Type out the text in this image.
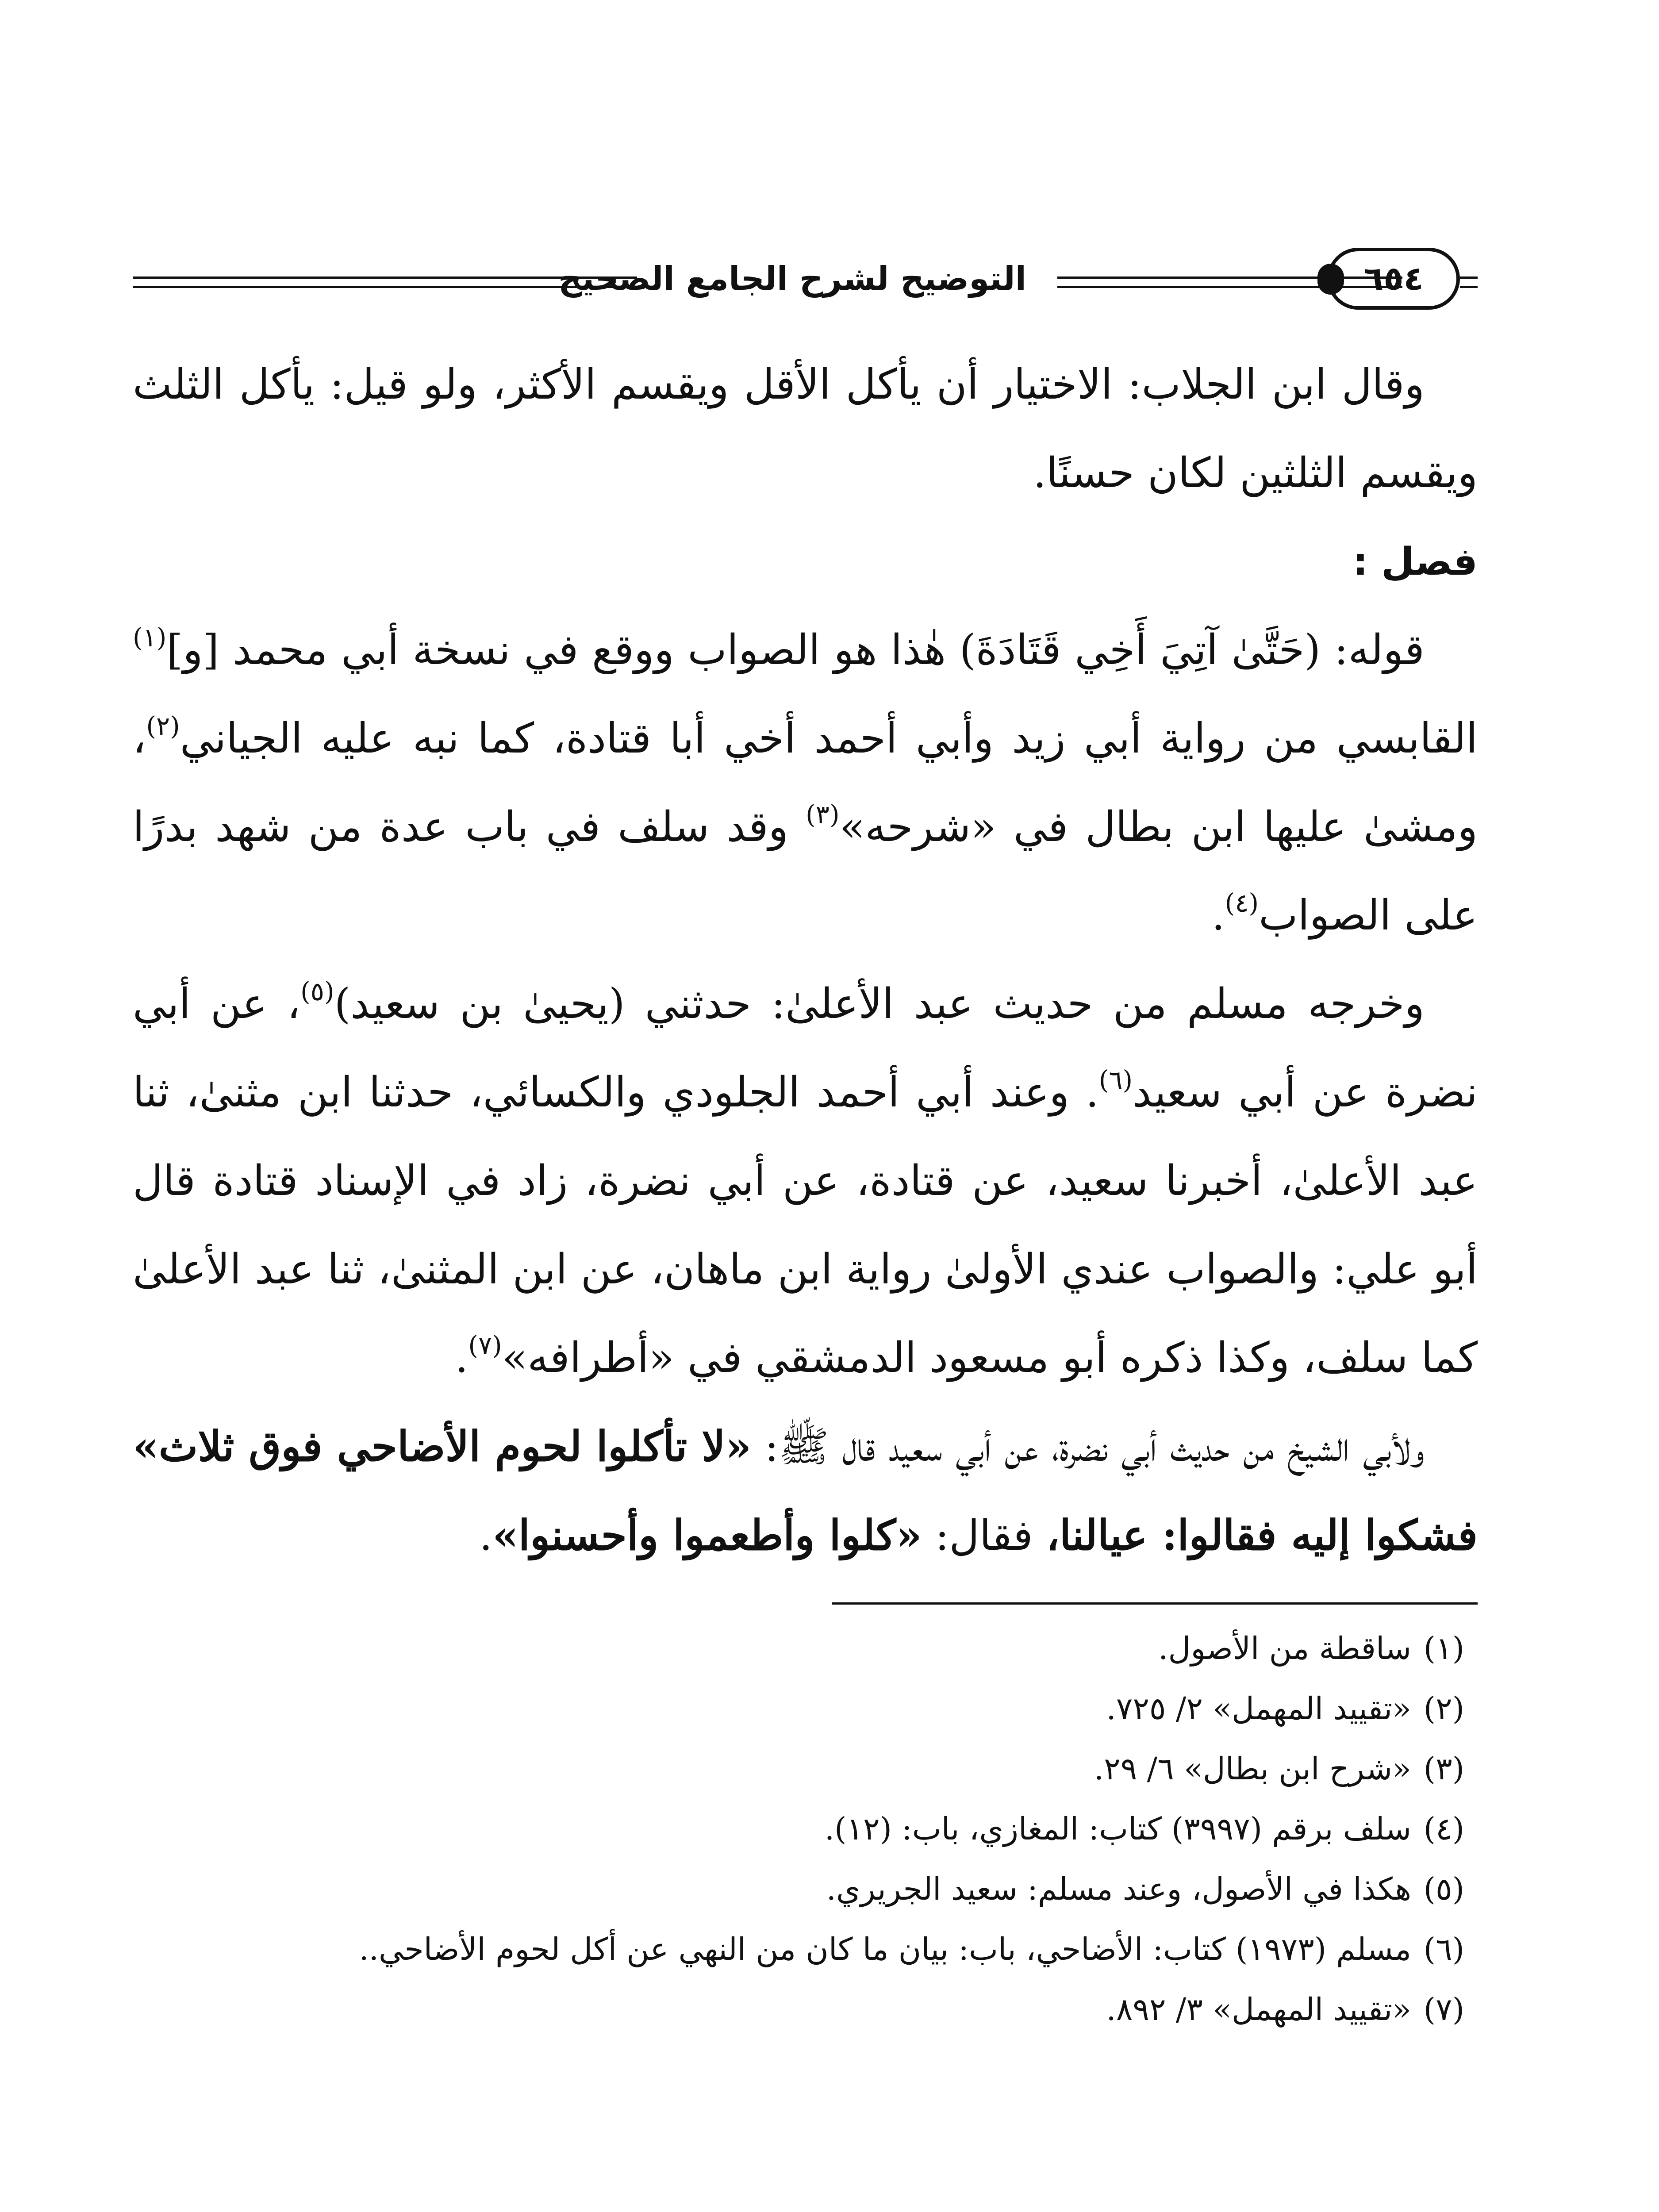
التوضيح لشرح الجامع الصحيح	٦٥٤

وقال ابن الجلاب: الاختيار أن يأكل الأقل ويقسم الأكثر، ولو قيل: يأكل الثلث ويقسم الثلثين لكان حسنًا.

فصل :

قوله: (حَتَّىٰ آتِيَ أَخِي قَتَادَةَ) هٰذا هو الصواب ووقع في نسخة أبي محمد [و]$^{(١)}$ القابسي من رواية أبي زيد وأبي أحمد أخي أبا قتادة، كما نبه عليه الجياني$^{(٢)}$، ومشىٰ عليها ابن بطال في «شرحه»$^{(٣)}$ وقد سلف في باب عدة من شهد بدرًا على الصواب$^{(٤)}$.

وخرجه مسلم من حديث عبد الأعلىٰ: حدثني (يحيىٰ بن سعيد)$^{(٥)}$، عن أبي نضرة عن أبي سعيد$^{(٦)}$. وعند أبي أحمد الجلودي والكسائي، حدثنا ابن مثنىٰ، ثنا عبد الأعلىٰ، أخبرنا سعيد، عن قتادة، عن أبي نضرة، زاد في الإسناد قتادة قال أبو علي: والصواب عندي الأولىٰ رواية ابن ماهان، عن ابن المثنىٰ، ثنا عبد الأعلىٰ كما سلف، وكذا ذكره أبو مسعود الدمشقي في «أطرافه»$^{(٧)}$.

ولأبي الشيخ من حديث أبي نضرة، عن أبي سعيد قال ﷺ: «لا تأكلوا لحوم الأضاحي فوق ثلاث» فشكوا إليه فقالوا: عيالنا، فقال: «كلوا وأطعموا وأحسنوا».

(١)
ساقطة من الأصول.
(٢)
«تقييد المهمل» ٢/ ٧٢٥.
(٣)
«شرح ابن بطال» ٦/ ٢٩.
(٤)
سلف برقم (٣٩٩٧) كتاب: المغازي، باب: (١٢).
(٥)
هكذا في الأصول، وعند مسلم: سعيد الجريري.
(٦)
مسلم (١٩٧٣) كتاب: الأضاحي، باب: بيان ما كان من النهي عن أكل لحوم الأضاحي..
(٧)
«تقييد المهمل» ٣/ ٨٩٢.
